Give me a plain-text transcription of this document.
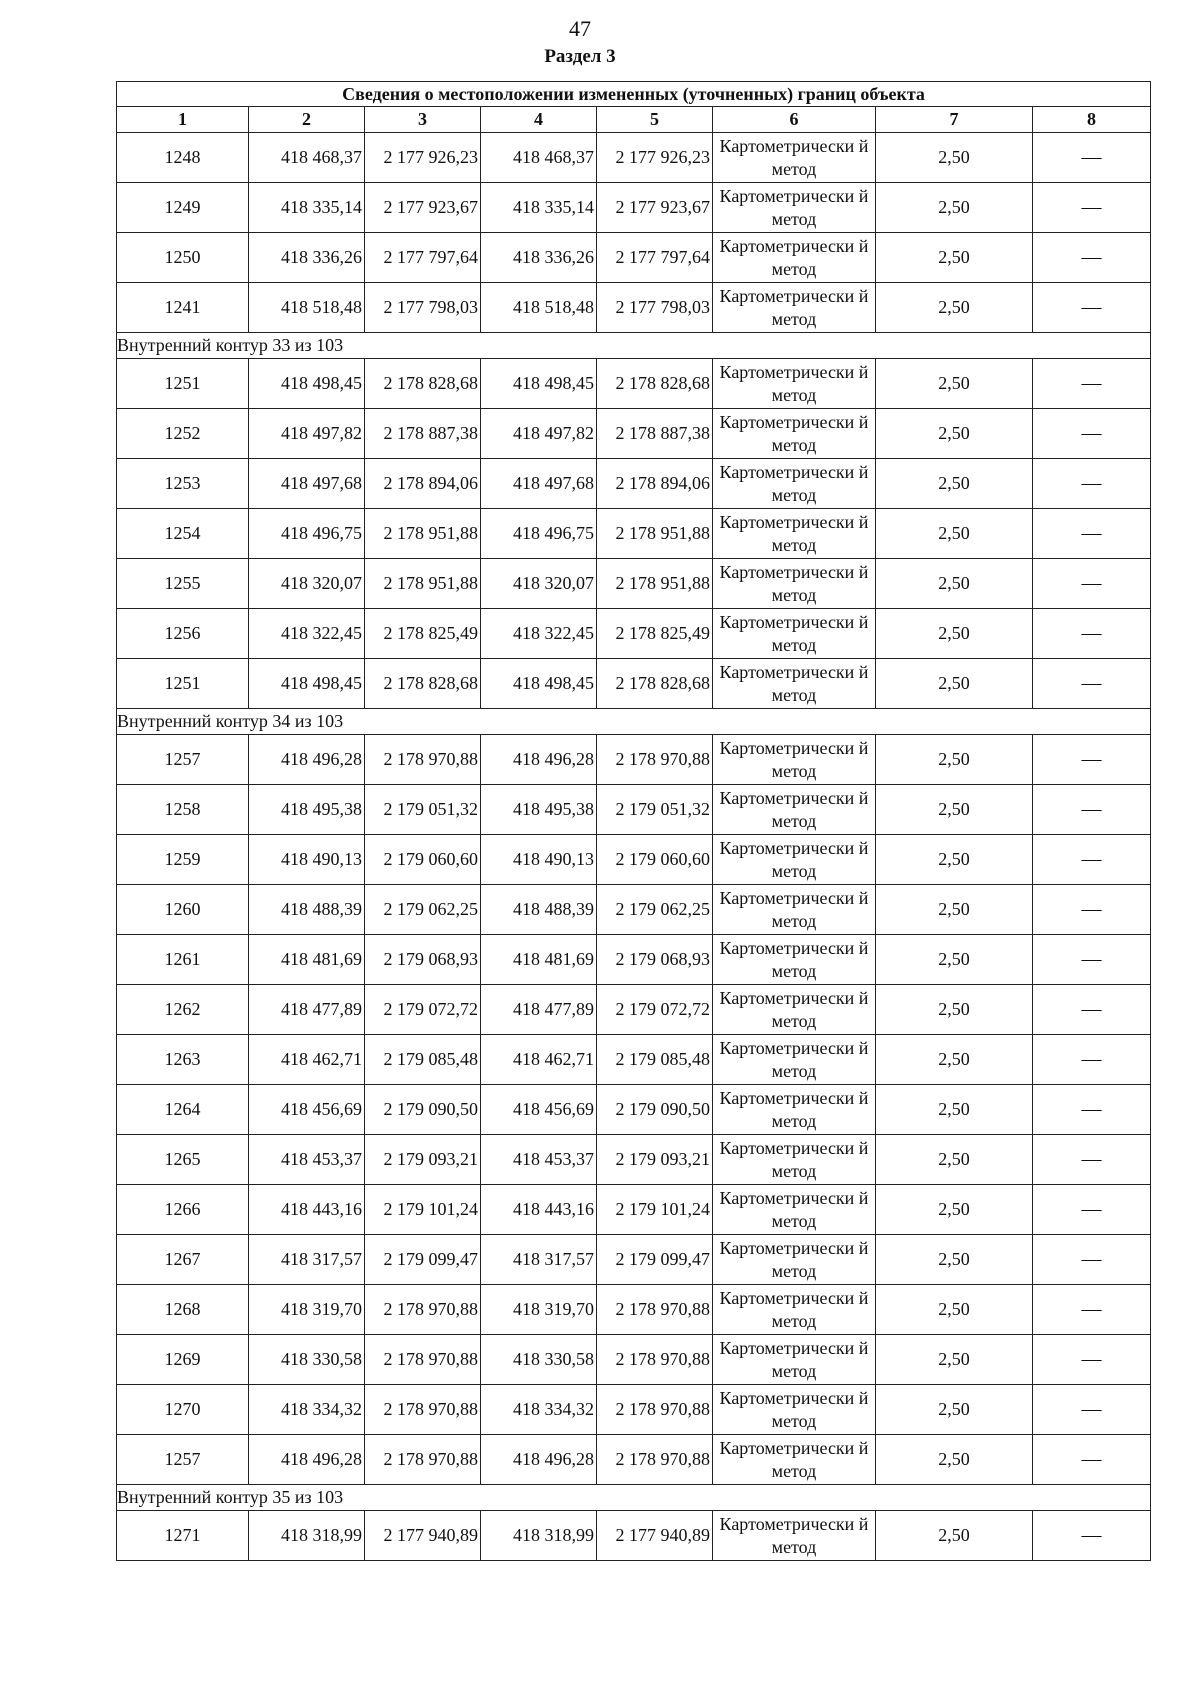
47
Раздел 3
Сведения о местоположении измененных (уточненных) границ объекта							
1	2	3	4	5	6	7	8
1248	418 468,37	2 177 926,23	418 468,37	2 177 926,23	Картометрически й метод	2,50	—
1249	418 335,14	2 177 923,67	418 335,14	2 177 923,67	Картометрически й метод	2,50	—
1250	418 336,26	2 177 797,64	418 336,26	2 177 797,64	Картометрически й метод	2,50	—
1241	418 518,48	2 177 798,03	418 518,48	2 177 798,03	Картометрически й метод	2,50	—
Внутренний контур 33 из 103							
1251	418 498,45	2 178 828,68	418 498,45	2 178 828,68	Картометрически й метод	2,50	—
1252	418 497,82	2 178 887,38	418 497,82	2 178 887,38	Картометрически й метод	2,50	—
1253	418 497,68	2 178 894,06	418 497,68	2 178 894,06	Картометрически й метод	2,50	—
1254	418 496,75	2 178 951,88	418 496,75	2 178 951,88	Картометрически й метод	2,50	—
1255	418 320,07	2 178 951,88	418 320,07	2 178 951,88	Картометрически й метод	2,50	—
1256	418 322,45	2 178 825,49	418 322,45	2 178 825,49	Картометрически й метод	2,50	—
1251	418 498,45	2 178 828,68	418 498,45	2 178 828,68	Картометрически й метод	2,50	—
Внутренний контур 34 из 103							
1257	418 496,28	2 178 970,88	418 496,28	2 178 970,88	Картометрически й метод	2,50	—
1258	418 495,38	2 179 051,32	418 495,38	2 179 051,32	Картометрически й метод	2,50	—
1259	418 490,13	2 179 060,60	418 490,13	2 179 060,60	Картометрически й метод	2,50	—
1260	418 488,39	2 179 062,25	418 488,39	2 179 062,25	Картометрически й метод	2,50	—
1261	418 481,69	2 179 068,93	418 481,69	2 179 068,93	Картометрически й метод	2,50	—
1262	418 477,89	2 179 072,72	418 477,89	2 179 072,72	Картометрически й метод	2,50	—
1263	418 462,71	2 179 085,48	418 462,71	2 179 085,48	Картометрически й метод	2,50	—
1264	418 456,69	2 179 090,50	418 456,69	2 179 090,50	Картометрически й метод	2,50	—
1265	418 453,37	2 179 093,21	418 453,37	2 179 093,21	Картометрически й метод	2,50	—
1266	418 443,16	2 179 101,24	418 443,16	2 179 101,24	Картометрически й метод	2,50	—
1267	418 317,57	2 179 099,47	418 317,57	2 179 099,47	Картометрически й метод	2,50	—
1268	418 319,70	2 178 970,88	418 319,70	2 178 970,88	Картометрически й метод	2,50	—
1269	418 330,58	2 178 970,88	418 330,58	2 178 970,88	Картометрически й метод	2,50	—
1270	418 334,32	2 178 970,88	418 334,32	2 178 970,88	Картометрически й метод	2,50	—
1257	418 496,28	2 178 970,88	418 496,28	2 178 970,88	Картометрически й метод	2,50	—
Внутренний контур 35 из 103							
1271	418 318,99	2 177 940,89	418 318,99	2 177 940,89	Картометрически й метод	2,50	—
